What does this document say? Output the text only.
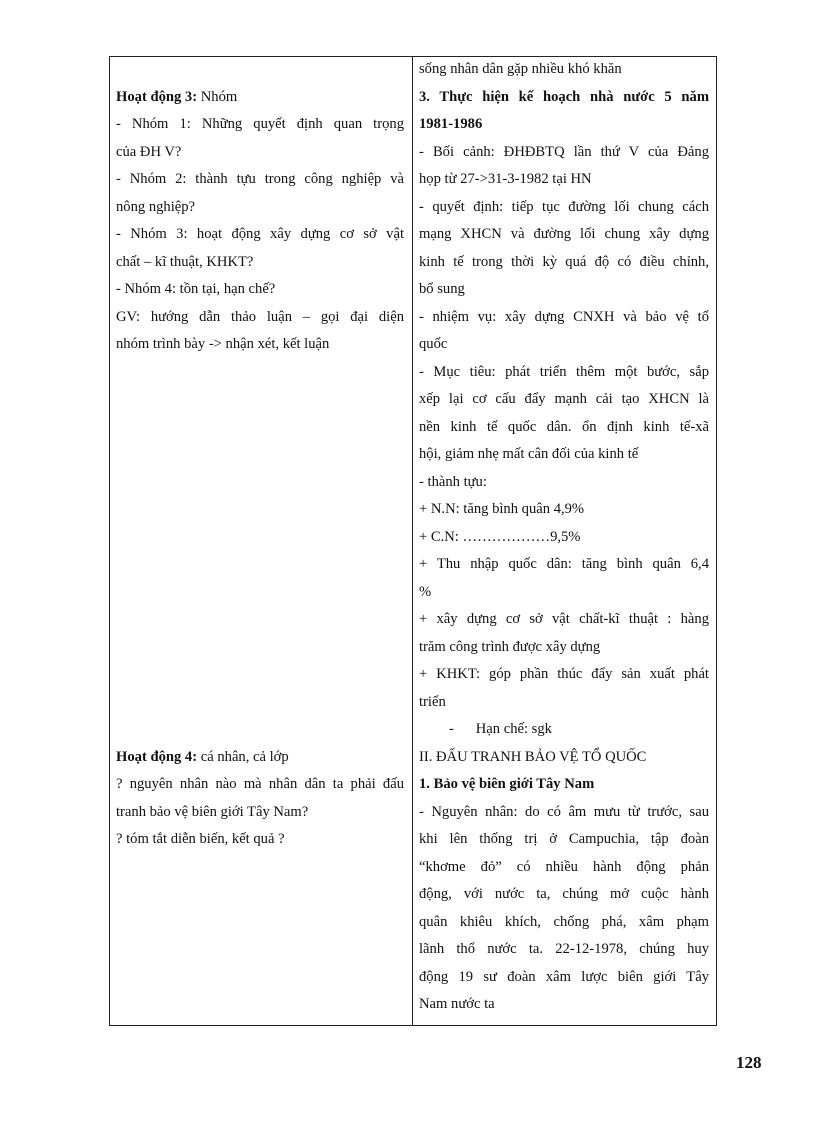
Hoạt động 3: Nhóm

- Nhóm 1: Những quyết định quan trọng

của ĐH V?

- Nhóm 2: thành tựu trong công nghiệp và

nông nghiệp?

- Nhóm 3: hoạt động xây dựng cơ sở vật

chất – kĩ thuật, KHKT?

- Nhóm 4: tồn tại, hạn chế?

GV: hướng dẫn thảo luận – gọi đại diện

nhóm trình bày -> nhận xét, kết luận

Hoạt động 4: cá nhân, cả lớp

? nguyên nhân nào mà nhân dân ta phải đấu

tranh bảo vệ biên giới Tây Nam?

? tóm tắt diễn biến, kết quả ?

sống nhân dân gặp nhiều khó khăn

3. Thực hiện kế hoạch nhà nước 5 năm

1981-1986

- Bối cảnh: ĐHĐBTQ lần thứ V của Đảng

họp từ 27->31-3-1982 tại HN

- quyết định: tiếp tục đường lối chung cách

mạng XHCN và đường lối chung xây dựng

kinh tế trong thời kỳ quá độ có điều chỉnh,

bổ sung

- nhiệm vụ: xây dựng CNXH và bảo vệ tổ

quốc

- Mục tiêu: phát triển thêm một bước, sắp

xếp lại cơ cấu đẩy mạnh cải tạo XHCN là

nền kinh tế quốc dân. ổn định kinh tế-xã

hội, giảm nhẹ mất cân đối của kinh tế

- thành tựu:

+ N.N: tăng bình quân 4,9%

+ C.N: ………………9,5%

+ Thu nhập quốc dân: tăng bình quân 6,4

%

+ xây dựng cơ sở vật chất-kĩ thuật : hàng

trăm công trình được xây dựng

+ KHKT: góp phần thúc đẩy sản xuất phát

triển

-      Hạn chế: sgk

II. ĐẤU TRANH BẢO VỆ TỔ QUỐC

1. Bảo vệ biên giới Tây Nam

- Nguyên nhân: do có âm mưu từ trước, sau

khi lên thống trị ở Campuchia, tập đoàn

“khơme đỏ” có nhiều hành động phản

động, với nước ta, chúng mở cuộc hành

quân khiêu khích, chống phá, xâm phạm

lãnh thổ nước ta. 22-12-1978, chúng huy

động 19 sư đoàn xâm lược biên giới Tây

Nam nước ta

128
